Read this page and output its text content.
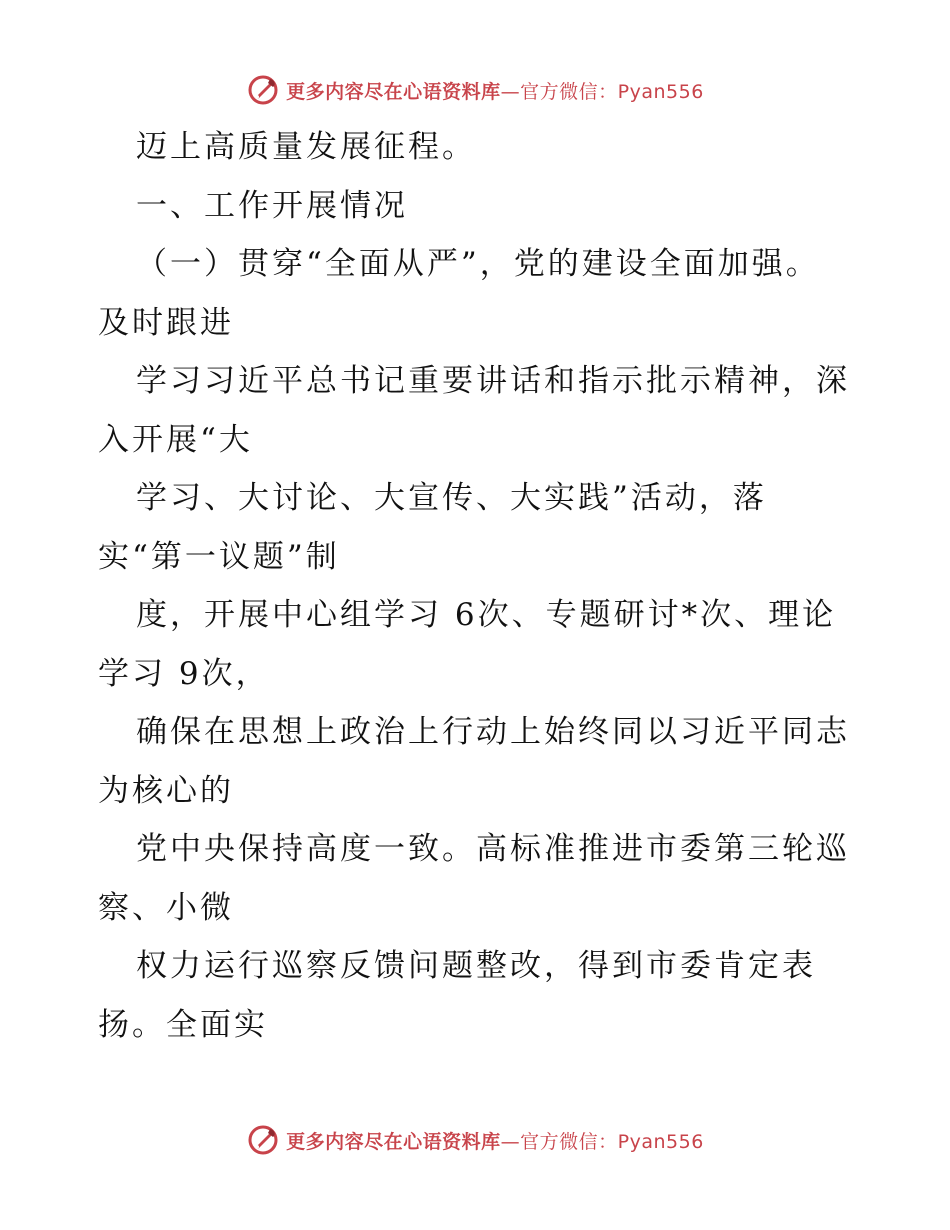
更多内容尽在心语资料库—官方微信：Pyan556
迈上高质量发展征程。
一、工作开展情况
（一）贯穿“全面从严”，党的建设全面加强。
及时跟进
学习习近平总书记重要讲话和指示批示精神，深
入开展“大
学习、大讨论、大宣传、大实践”活动，落
实“第一议题”制
度，开展中心组学习 6次、专题研讨*次、理论
学习 9次，
确保在思想上政治上行动上始终同以习近平同志
为核心的
党中央保持高度一致。高标准推进市委第三轮巡
察、小微
权力运行巡察反馈问题整改，得到市委肯定表
扬。全面实
更多内容尽在心语资料库—官方微信：Pyan556
